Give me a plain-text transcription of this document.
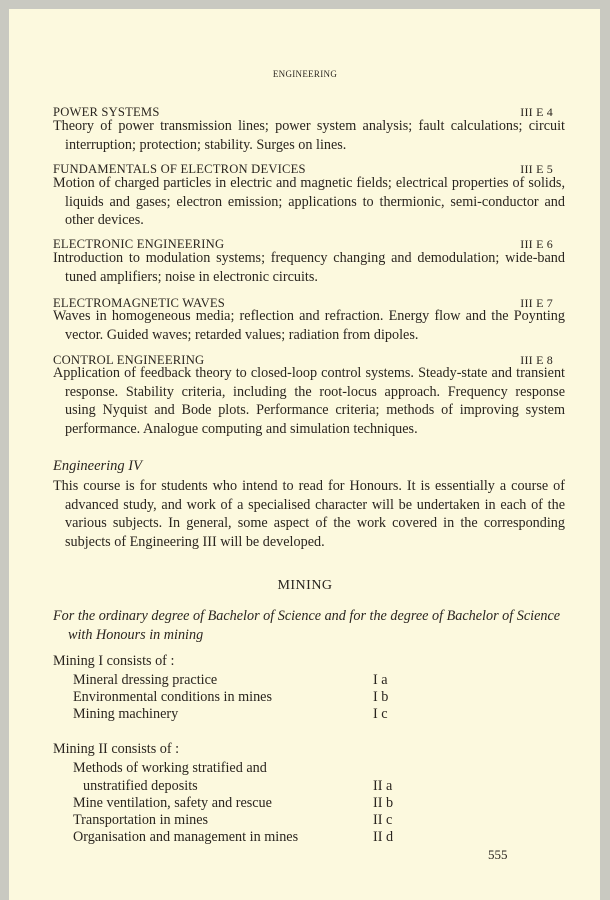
ENGINEERING
POWER SYSTEMS	III E 4
Theory of power transmission lines; power system analysis; fault calculations; circuit interruption; protection; stability. Surges on lines.
FUNDAMENTALS OF ELECTRON DEVICES	III E 5
Motion of charged particles in electric and magnetic fields; electrical properties of solids, liquids and gases; electron emission; applications to thermionic, semi-conductor and other devices.
ELECTRONIC ENGINEERING	III E 6
Introduction to modulation systems; frequency changing and demodulation; wide-band tuned amplifiers; noise in electronic circuits.
ELECTROMAGNETIC WAVES	III E 7
Waves in homogeneous media; reflection and refraction. Energy flow and the Poynting vector. Guided waves; retarded values; radiation from dipoles.
CONTROL ENGINEERING	III E 8
Application of feedback theory to closed-loop control systems. Steady-state and transient response. Stability criteria, including the root-locus approach. Frequency response using Nyquist and Bode plots. Performance criteria; methods of improving system performance. Analogue computing and simulation techniques.
Engineering IV
This course is for students who intend to read for Honours. It is essentially a course of advanced study, and work of a specialised character will be undertaken in each of the various subjects. In general, some aspect of the work covered in the corresponding subjects of Engineering III will be developed.
MINING
For the ordinary degree of Bachelor of Science and for the degree of Bachelor of Science with Honours in mining
Mining I consists of :
Mineral dressing practice	I a
Environmental conditions in mines	I b
Mining machinery	I c
Mining II consists of :
Methods of working stratified and
unstratified deposits	II a
Mine ventilation, safety and rescue	II b
Transportation in mines	II c
Organisation and management in mines	II d
555
